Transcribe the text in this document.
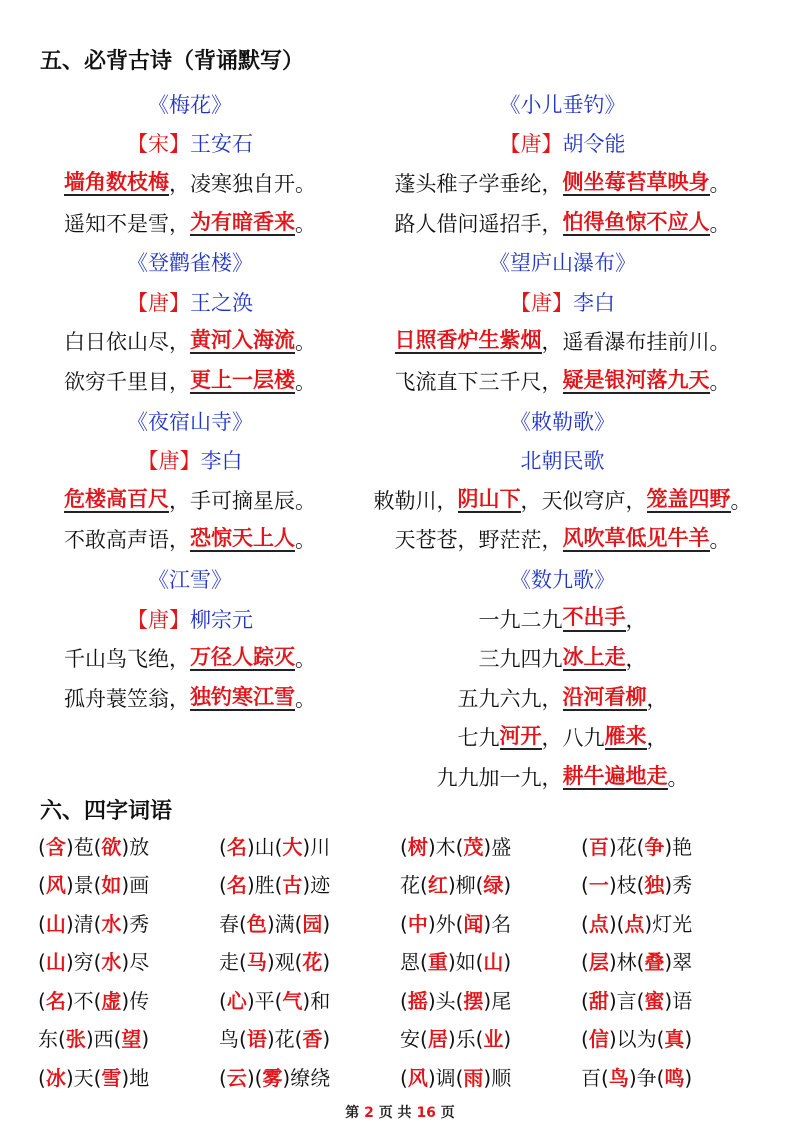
五、必背古诗（背诵默写）
《梅花》
【宋】 王安石
墙角数枝梅 ，凌寒独自开。
遥知不是雪， 为有暗香来 。
《登鹳雀楼》
【唐】 王之涣
白日依山尽， 黄河入海流 。
欲穷千里目， 更上一层楼 。
《夜宿山寺》
【唐】 李白
危楼高百尺 ，手可摘星辰。
不敢高声语， 恐惊天上人 。
《江雪》
【唐】 柳宗元
千山鸟飞绝， 万径人踪灭 。
孤舟蓑笠翁， 独钓寒江雪 。
《小儿垂钓》
【唐】 胡令能
蓬头稚子学垂纶， 侧坐莓苔草映身 。
路人借问遥招手， 怕得鱼惊不应人 。
《望庐山瀑布》
【唐】 李白
日照香炉生紫烟 ，遥看瀑布挂前川。
飞流直下三千尺， 疑是银河落九天 。
《敕勒歌》
北朝民歌
敕勒川， 阴山下 ，天似穹庐， 笼盖四野 。
天苍苍，野茫茫， 风吹草低见牛羊 。
《数九歌》
一九二九 不出手 ，
三九四九 冰上走 ，
五九六九， 沿河看柳 ，
七九 河开 ，八九 雁来 ，
九九加一九， 耕牛遍地走 。
六、四字词语
(含)苞(欲)放	(名)山(大)川	(树)木(茂)盛	(百)花(争)艳
(风)景(如)画	(名)胜(古)迹	花(红)柳(绿)	(一)枝(独)秀
(山)清(水)秀	春(色)满(园)	(中)外(闻)名	(点)(点)灯光
(山)穷(水)尽	走(马)观(花)	恩(重)如(山)	(层)林(叠)翠
(名)不(虚)传	(心)平(气)和	(摇)头(摆)尾	(甜)言(蜜)语
东(张)西(望)	鸟(语)花(香)	安(居)乐(业)	(信)以为(真)
(冰)天(雪)地	(云)(雾)缭绕	(风)调(雨)顺	百(鸟)争(鸣)
第 2 页 共 16 页
